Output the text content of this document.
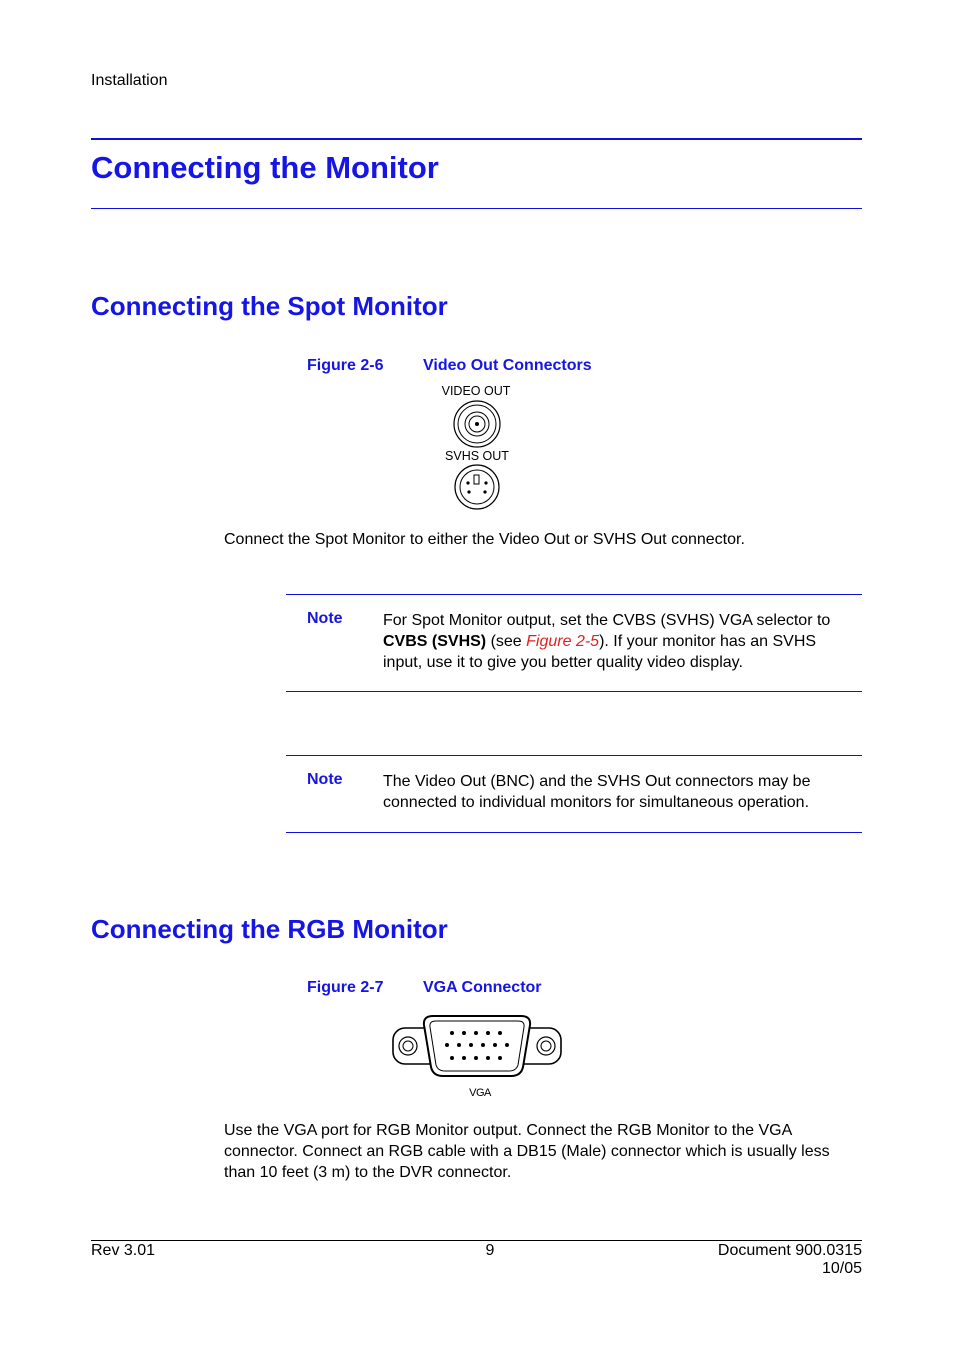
Installation
Connecting the Monitor
Connecting the Spot Monitor
Figure 2-6 Video Out Connectors
VIDEO OUT
SVHS OUT
Connect the Spot Monitor to either the Video Out or SVHS Out connector.
Note	For Spot Monitor output, set the CVBS (SVHS) VGA selector to CVBS (SVHS) (see Figure 2-5). If your monitor has an SVHS input, use it to give you better quality video display.
Note	The Video Out (BNC) and the SVHS Out connectors may be connected to individual monitors for simultaneous operation.
Connecting the RGB Monitor
Figure 2-7 VGA Connector
VGA
Use the VGA port for RGB Monitor output. Connect the RGB Monitor to the VGA connector. Connect an RGB cable with a DB15 (Male) connector which is usually less than 10 feet (3 m) to the DVR connector.
Rev 3.01	9	Document 900.0315
10/05
